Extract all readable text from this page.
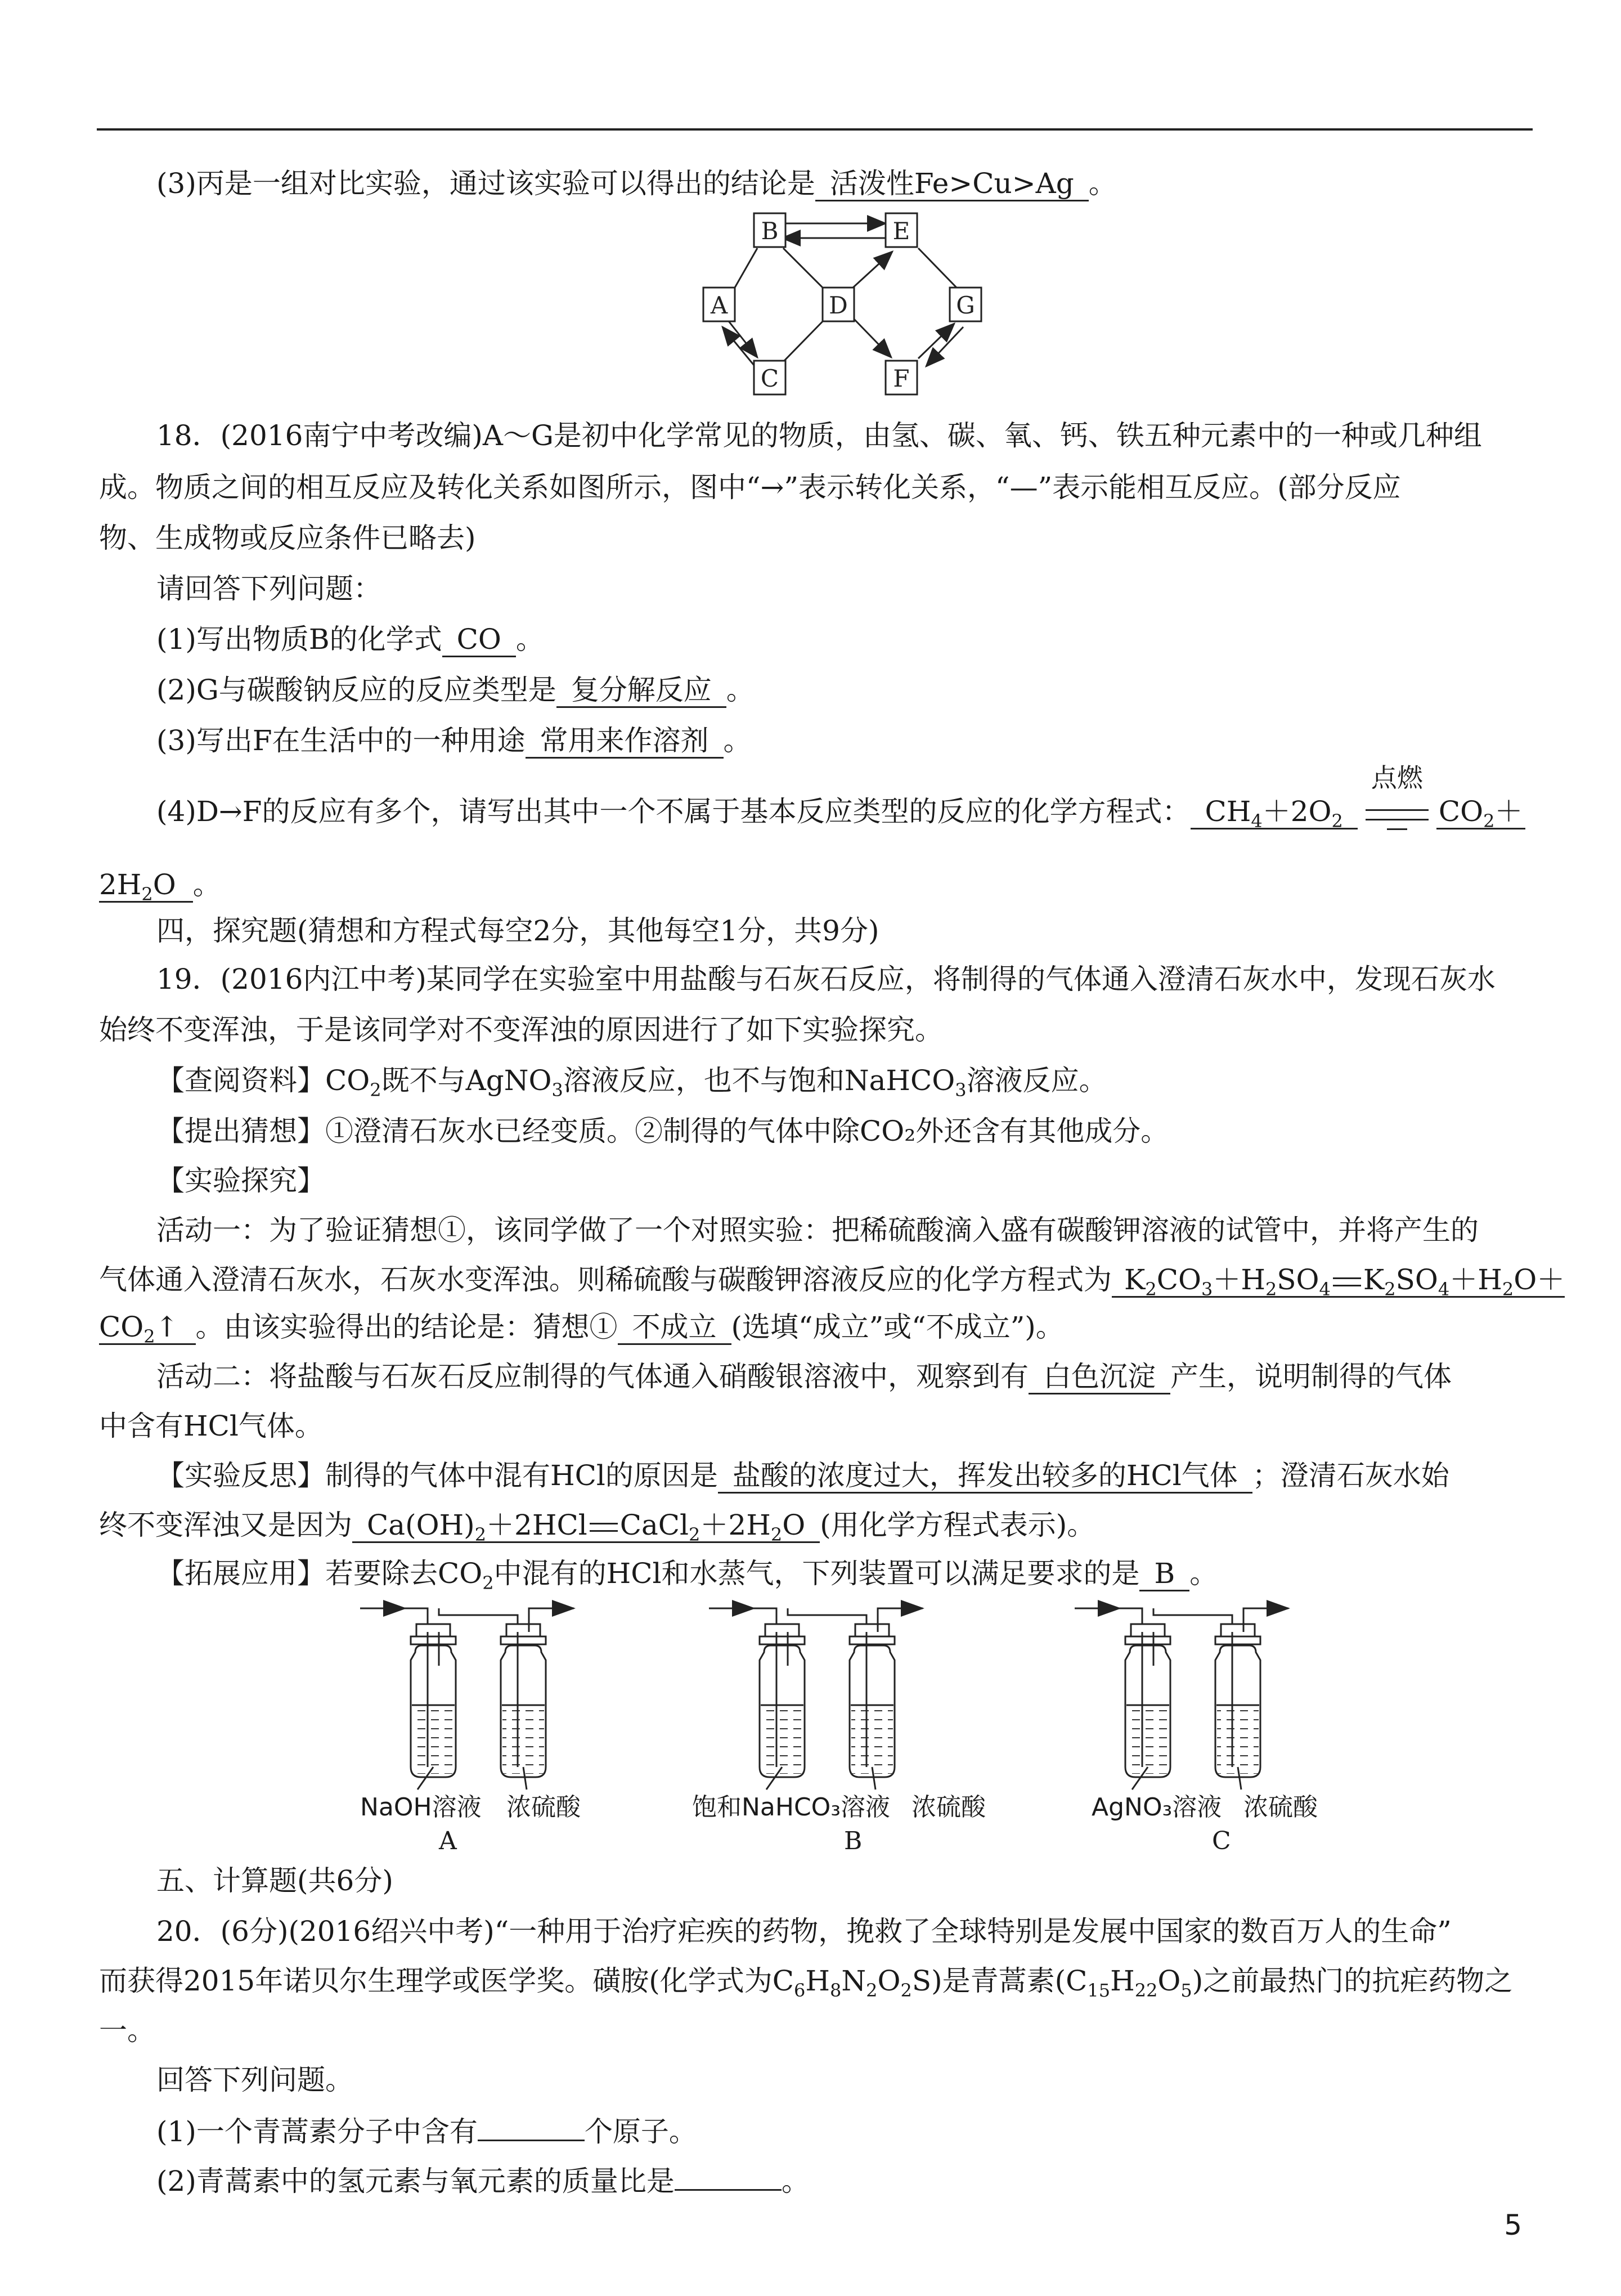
(3)丙是一组对比实验，通过该实验可以得出的结论是 活泼性Fe>Cu>Ag 。
B	E
A	D	G
C	F
18．(2016南宁中考改编)A～G是初中化学常见的物质，由氢、碳、氧、钙、铁五种元素中的一种或几种组
成。物质之间的相互反应及转化关系如图所示，图中“→”表示转化关系，“—”表示能相互反应。(部分反应
物、生成物或反应条件已略去)
请回答下列问题：
(1)写出物质B的化学式 CO 。
(2)G与碳酸钠反应的反应类型是 复分解反应 。
(3)写出F在生活中的一种用途 常用来作溶剂 。
(4)D→F的反应有多个，请写出其中一个不属于基本反应类型的反应的化学方程式： $CH_4+2O_2$
点燃
$CO_2+$
$2H_2O$ 。
四，探究题(猜想和方程式每空2分，其他每空1分，共9分)
19．(2016内江中考)某同学在实验室中用盐酸与石灰石反应，将制得的气体通入澄清石灰水中，发现石灰水
始终不变浑浊，于是该同学对不变浑浊的原因进行了如下实验探究。
【查阅资料】$CO_2$既不与AgNO$_3$溶液反应，也不与饱和NaHCO$_3$溶液反应。
【提出猜想】①澄清石灰水已经变质。②制得的气体中除CO₂外还含有其他成分。
【实验探究】
活动一：为了验证猜想①，该同学做了一个对照实验：把稀硫酸滴入盛有碳酸钾溶液的试管中，并将产生的
气体通入澄清石灰水，石灰水变浑浊。则稀硫酸与碳酸钾溶液反应的化学方程式为 $K_2CO_3+H_2SO_4$ $K_2SO_4+H_2O+$
$CO_2↑$ 。由该实验得出的结论是：猜想① 不成立 (选填“成立”或“不成立”)。
活动二：将盐酸与石灰石反应制得的气体通入硝酸银溶液中，观察到有 白色沉淀 产生，说明制得的气体
中含有HCl气体。
【实验反思】制得的气体中混有HCl的原因是 盐酸的浓度过大，挥发出较多的HCl气体 ；澄清石灰水始
终不变浑浊又是因为 $Ca(OH)_2+2HCl$ $CaCl_2+2H_2O$ (用化学方程式表示)。
【拓展应用】若要除去$CO_2$中混有的HCl和水蒸气，下列装置可以满足要求的是 B 。
NaOH溶液	浓硫酸
A
饱和NaHCO₃溶液 浓硫酸
B
AgNO₃溶液 浓硫酸
C
五、计算题(共6分)
20．(6分)(2016绍兴中考)“一种用于治疗疟疾的药物，挽救了全球特别是发展中国家的数百万人的生命”
而获得2015年诺贝尔生理学或医学奖。磺胺(化学式为$C_6H_8N_2O_2S$)是青蒿素$(C_{15}H_{22}O_5)$之前最热门的抗疟药物之
一。
回答下列问题。
(1)一个青蒿素分子中含有	个原子。
(2)青蒿素中的氢元素与氧元素的质量比是	。
5
